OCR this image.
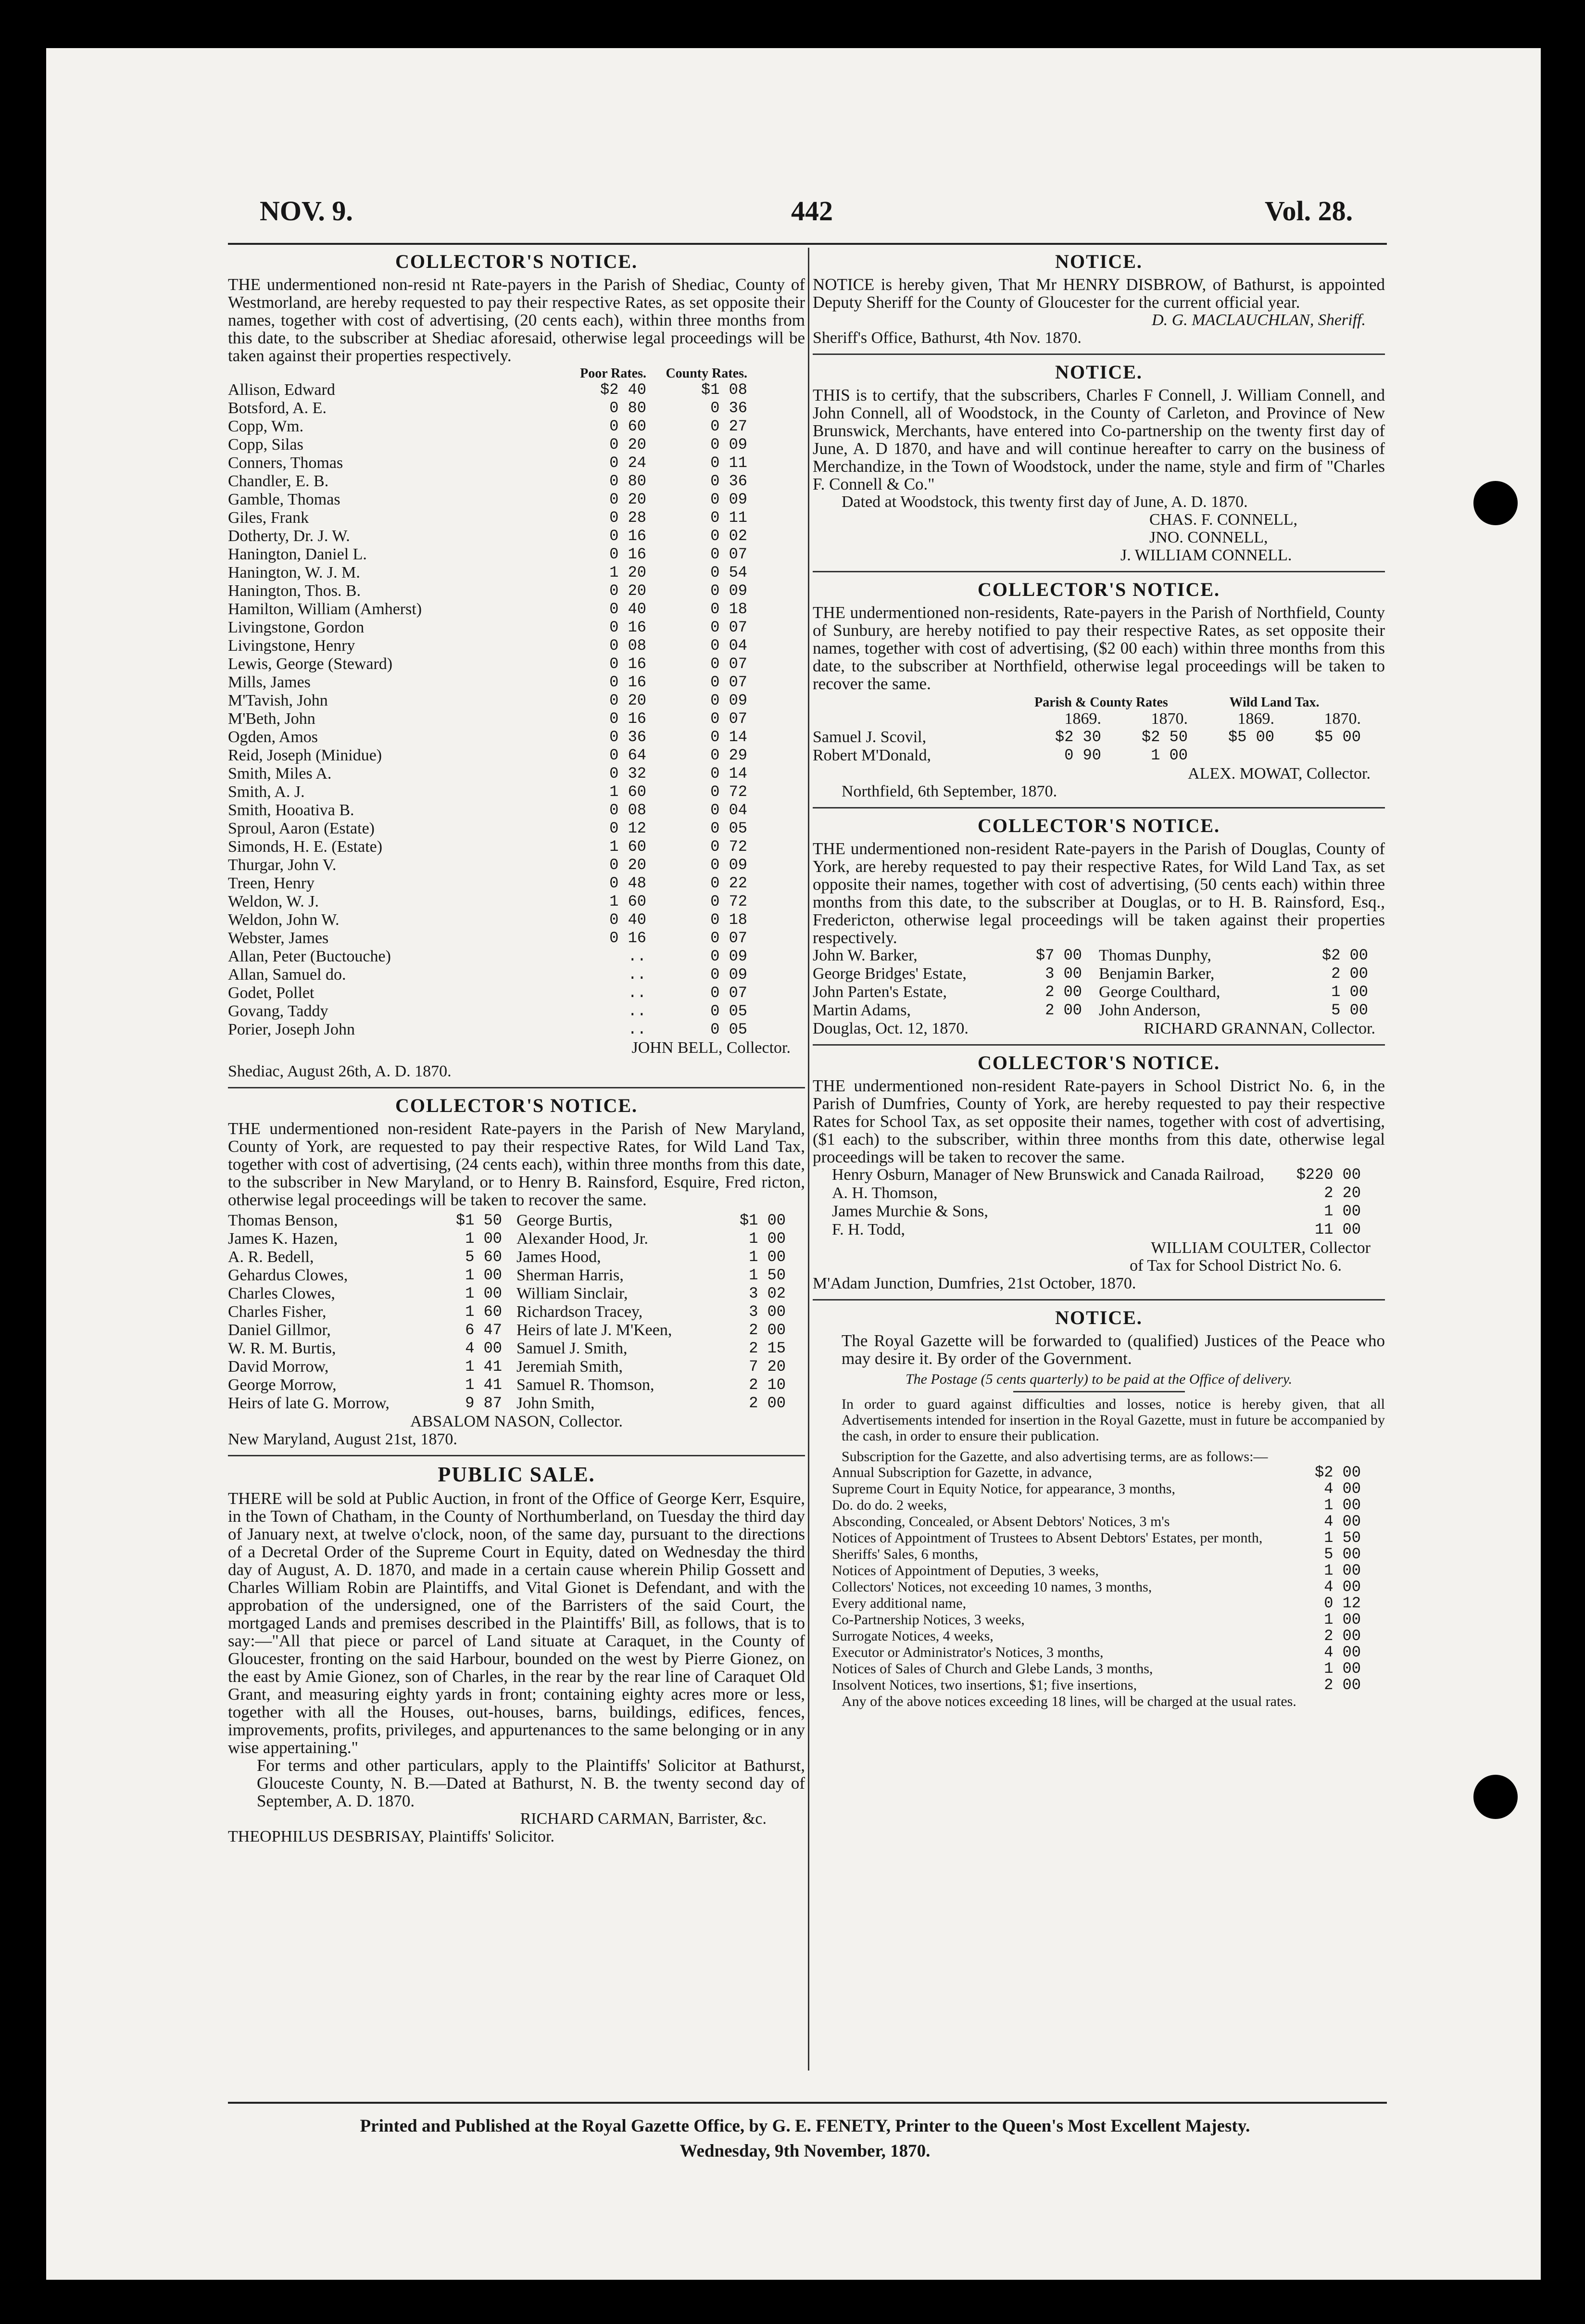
NOV. 9.	442	Vol. 28.
COLLECTOR'S NOTICE.

THE undermentioned non-resid nt Rate-payers in the Parish of Shediac, County of Westmorland, are hereby requested to pay their respective Rates, as set opposite their names, together with cost of advertising, (20 cents each), within three months from this date, to the subscriber at Shediac aforesaid, otherwise legal proceedings will be taken against their properties respectively.

Poor Rates.	County Rates.
Allison, Edward	$2 40	$1 08
Botsford, A. E.	0 80	0 36
Copp, Wm.	0 60	0 27
Copp, Silas	0 20	0 09
Conners, Thomas	0 24	0 11
Chandler, E. B.	0 80	0 36
Gamble, Thomas	0 20	0 09
Giles, Frank	0 28	0 11
Dotherty, Dr. J. W.	0 16	0 02
Hanington, Daniel L.	0 16	0 07
Hanington, W. J. M.	1 20	0 54
Hanington, Thos. B.	0 20	0 09
Hamilton, William (Amherst)	0 40	0 18
Livingstone, Gordon	0 16	0 07
Livingstone, Henry	0 08	0 04
Lewis, George (Steward)	0 16	0 07
Mills, James	0 16	0 07
M'Tavish, John	0 20	0 09
M'Beth, John	0 16	0 07
Ogden, Amos	0 36	0 14
Reid, Joseph (Minidue)	0 64	0 29
Smith, Miles A.	0 32	0 14
Smith, A. J.	1 60	0 72
Smith, Hooativa B.	0 08	0 04
Sproul, Aaron (Estate)	0 12	0 05
Simonds, H. E. (Estate)	1 60	0 72
Thurgar, John V.	0 20	0 09
Treen, Henry	0 48	0 22
Weldon, W. J.	1 60	0 72
Weldon, John W.	0 40	0 18
Webster, James	0 16	0 07
Allan, Peter (Buctouche)	..	0 09
Allan, Samuel do.	..	0 09
Godet, Pollet	..	0 07
Govang, Taddy	..	0 05
Porier, Joseph John	..	0 05
JOHN BELL, Collector.
Shediac, August 26th, A. D. 1870.
COLLECTOR'S NOTICE.

THE undermentioned non-resident Rate-payers in the Parish of New Maryland, County of York, are requested to pay their respective Rates, for Wild Land Tax, together with cost of advertising, (24 cents each), within three months from this date, to the subscriber in New Maryland, or to Henry B. Rainsford, Esquire, Fred ricton, otherwise legal proceedings will be taken to recover the same.

Thomas Benson,	$1 50
James K. Hazen,	1 00
A. R. Bedell,	5 60
Gehardus Clowes,	1 00
Charles Clowes,	1 00
Charles Fisher,	1 60
Daniel Gillmor,	6 47
W. R. M. Burtis,	4 00
David Morrow,	1 41
George Morrow,	1 41
Heirs of late G. Morrow,	9 87
George Burtis,	$1 00
Alexander Hood, Jr.	1 00
James Hood,	1 00
Sherman Harris,	1 50
William Sinclair,	3 02
Richardson Tracey,	3 00
Heirs of late J. M'Keen,	2 00
Samuel J. Smith,	2 15
Jeremiah Smith,	7 20
Samuel R. Thomson,	2 10
John Smith,	2 00
ABSALOM NASON, Collector.
New Maryland, August 21st, 1870.
PUBLIC SALE.

THERE will be sold at Public Auction, in front of the Office of George Kerr, Esquire, in the Town of Chatham, in the County of Northumberland, on Tuesday the third day of January next, at twelve o'clock, noon, of the same day, pursuant to the directions of a Decretal Order of the Supreme Court in Equity, dated on Wednesday the third day of August, A. D. 1870, and made in a certain cause wherein Philip Gossett and Charles William Robin are Plaintiffs, and Vital Gionet is Defendant, and with the approbation of the undersigned, one of the Barristers of the said Court, the mortgaged Lands and premises described in the Plaintiffs' Bill, as follows, that is to say:—"All that piece or parcel of Land situate at Caraquet, in the County of Gloucester, fronting on the said Harbour, bounded on the west by Pierre Gionez, on the east by Amie Gionez, son of Charles, in the rear by the rear line of Caraquet Old Grant, and measuring eighty yards in front; containing eighty acres more or less, together with all the Houses, out-houses, barns, buildings, edifices, fences, improvements, profits, privileges, and appurtenances to the same belonging or in any wise appertaining."

For terms and other particulars, apply to the Plaintiffs' Solicitor at Bathurst, Glouceste County, N. B.—Dated at Bathurst, N. B. the twenty second day of September, A. D. 1870.

RICHARD CARMAN, Barrister, &c.
THEOPHILUS DESBRISAY, Plaintiffs' Solicitor.
NOTICE.

NOTICE is hereby given, That Mr HENRY DISBROW, of Bathurst, is appointed Deputy Sheriff for the County of Gloucester for the current official year.

D. G. MACLAUCHLAN, Sheriff.
Sheriff's Office, Bathurst, 4th Nov. 1870.
NOTICE.

THIS is to certify, that the subscribers, Charles F Connell, J. William Connell, and John Connell, all of Woodstock, in the County of Carleton, and Province of New Brunswick, Merchants, have entered into Co-partnership on the twenty first day of June, A. D 1870, and have and will continue hereafter to carry on the business of Merchandize, in the Town of Woodstock, under the name, style and firm of "Charles F. Connell & Co."

Dated at Woodstock, this twenty first day of June, A. D. 1870.
CHAS. F. CONNELL,
JNO. CONNELL,
J. WILLIAM CONNELL.
COLLECTOR'S NOTICE.

THE undermentioned non-residents, Rate-payers in the Parish of Northfield, County of Sunbury, are hereby notified to pay their respective Rates, as set opposite their names, together with cost of advertising, ($2 00 each) within three months from this date, to the subscriber at Northfield, otherwise legal proceedings will be taken to recover the same.

Parish & County Rates	Wild Land Tax.
1869.	1870.	1869.	1870.
Samuel J. Scovil,	$2 30	$2 50	$5 00	$5 00
Robert M'Donald,	0 90	1 00
ALEX. MOWAT, Collector.
Northfield, 6th September, 1870.
COLLECTOR'S NOTICE.

THE undermentioned non-resident Rate-payers in the Parish of Douglas, County of York, are hereby requested to pay their respective Rates, for Wild Land Tax, as set opposite their names, together with cost of advertising, (50 cents each) within three months from this date, to the subscriber at Douglas, or to H. B. Rainsford, Esq., Fredericton, otherwise legal proceedings will be taken against their properties respectively.

John W. Barker,	$7 00
George Bridges' Estate,	3 00
John Parten's Estate,	2 00
Martin Adams,	2 00
Thomas Dunphy,	$2 00
Benjamin Barker,	2 00
George Coulthard,	1 00
John Anderson,	5 00
Douglas, Oct. 12, 1870.	RICHARD GRANNAN, Collector.
COLLECTOR'S NOTICE.

THE undermentioned non-resident Rate-payers in School District No. 6, in the Parish of Dumfries, County of York, are hereby requested to pay their respective Rates for School Tax, as set opposite their names, together with cost of advertising, ($1 each) to the subscriber, within three months from this date, otherwise legal proceedings will be taken to recover the same.

Henry Osburn, Manager of New Brunswick and Canada Railroad,	$220 00
A. H. Thomson,	2 20
James Murchie & Sons,	1 00
F. H. Todd,	11 00
WILLIAM COULTER, Collector
of Tax for School District No. 6.
M'Adam Junction, Dumfries, 21st October, 1870.
NOTICE.

The Royal Gazette will be forwarded to (qualified) Justices of the Peace who may desire it. By order of the Government.

The Postage (5 cents quarterly) to be paid at the Office of delivery.

In order to guard against difficulties and losses, notice is hereby given, that all Advertisements intended for insertion in the Royal Gazette, must in future be accompanied by the cash, in order to ensure their publication.

Subscription for the Gazette, and also advertising terms, are as follows:—

Annual Subscription for Gazette, in advance,	$2 00
Supreme Court in Equity Notice, for appearance, 3 months,	4 00
Do. do do. 2 weeks,	1 00
Absconding, Concealed, or Absent Debtors' Notices, 3 m's	4 00
Notices of Appointment of Trustees to Absent Debtors' Estates, per month,	1 50
Sheriffs' Sales, 6 months,	5 00
Notices of Appointment of Deputies, 3 weeks,	1 00
Collectors' Notices, not exceeding 10 names, 3 months,	4 00
Every additional name,	0 12
Co-Partnership Notices, 3 weeks,	1 00
Surrogate Notices, 4 weeks,	2 00
Executor or Administrator's Notices, 3 months,	4 00
Notices of Sales of Church and Glebe Lands, 3 months,	1 00
Insolvent Notices, two insertions, $1; five insertions,	2 00

Any of the above notices exceeding 18 lines, will be charged at the usual rates.

Printed and Published at the Royal Gazette Office, by G. E. FENETY, Printer to the Queen's Most Excellent Majesty.
Wednesday, 9th November, 1870.
